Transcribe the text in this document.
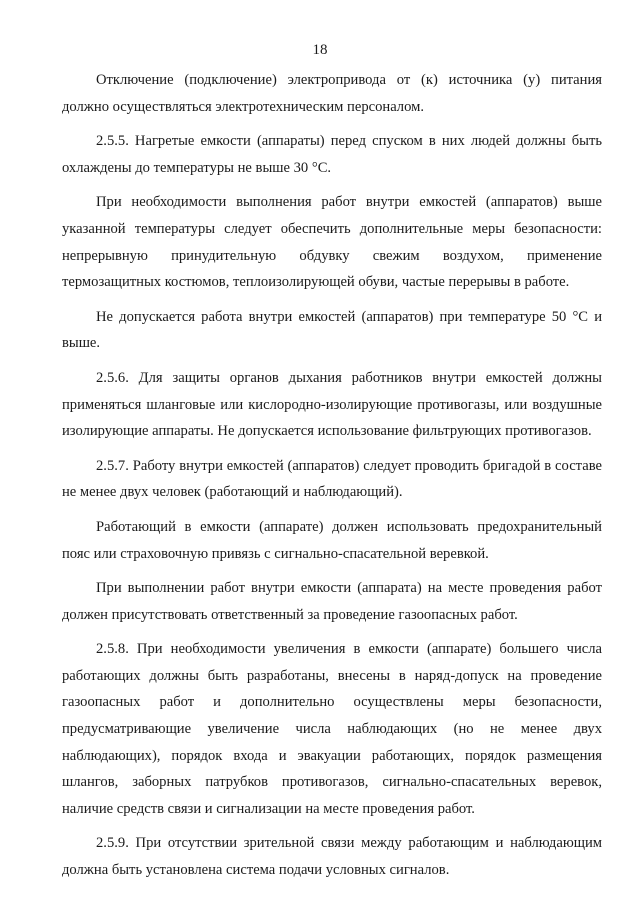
18

Отключение (подключение) электропривода от (к) источника (у) питания должно осуществляться электротехническим персоналом.

2.5.5. Нагретые емкости (аппараты) перед спуском в них людей должны быть охлаждены до температуры не выше 30 °С.

При необходимости выполнения работ внутри емкостей (аппаратов) выше указанной температуры следует обеспечить дополнительные меры безопасности: непрерывную принудительную обдувку свежим воздухом, применение термозащитных костюмов, теплоизолирующей обуви, частые перерывы в работе.

Не допускается работа внутри емкостей (аппаратов) при температуре 50 °С и выше.

2.5.6. Для защиты органов дыхания работников внутри емкостей должны применяться шланговые или кислородно-изолирующие противогазы, или воздушные изолирующие аппараты. Не допускается использование фильтрующих противогазов.

2.5.7. Работу внутри емкостей (аппаратов) следует проводить бригадой в составе не менее двух человек (работающий и наблюдающий).

Работающий в емкости (аппарате) должен использовать предохранительный пояс или страховочную привязь с сигнально-спасательной веревкой.

При выполнении работ внутри емкости (аппарата) на месте проведения работ должен присутствовать ответственный за проведение газоопасных работ.

2.5.8. При необходимости увеличения в емкости (аппарате) большего числа работающих должны быть разработаны, внесены в наряд-допуск на проведение газоопасных работ и дополнительно осуществлены меры безопасности, предусматривающие увеличение числа наблюдающих (но не менее двух наблюдающих), порядок входа и эвакуации работающих, порядок размещения шлангов, заборных патрубков противогазов, сигнально-спасательных веревок, наличие средств связи и сигнализации на месте проведения работ.

2.5.9. При отсутствии зрительной связи между работающим и наблюдающим должна быть установлена система подачи условных сигналов.
